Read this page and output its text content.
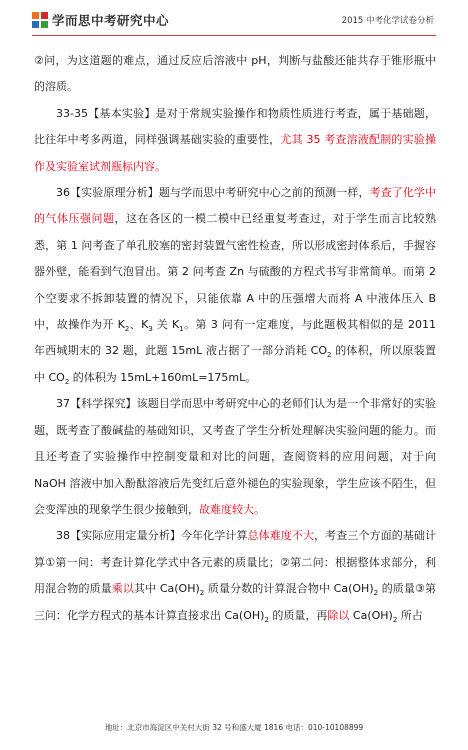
学而思中考研究中心	2015 中考化学试卷分析

②问，为这道题的难点，通过反应后溶液中 pH，判断与盐酸还能共存于锥形瓶中的溶质。

33-35【基本实验】是对于常规实验操作和物质性质进行考查，属于基础题，比往年中考多两道，同样强调基础实验的重要性，尤其 35 考查溶液配制的实验操作及实验室试剂瓶标内容。

36【实验原理分析】题与学而思中考研究中心之前的预测一样，考查了化学中的气体压强问题，这在各区的一模二模中已经重复考查过，对于学生而言比较熟悉，第 1 问考查了单孔胶塞的密封装置气密性检查，所以形成密封体系后，手握容器外壁，能看到气泡冒出。第 2 问考查 Zn 与硫酸的方程式书写非常简单。而第 2 个空要求不拆卸装置的情况下，只能依靠 A 中的压强增大而将 A 中液体压入 B 中，故操作为开 $K_2$、$K_3$ 关 $K_1$。第 3 问有一定难度，与此题极其相似的是 2011 年西城期末的 32 题，此题 15mL 液占据了一部分消耗 $CO_2$ 的体积，所以原装置中 $CO_2$ 的体积为 15mL+160mL=175mL。

37【科学探究】该题目学而思中考研究中心的老师们认为是一个非常好的实验题，既考查了酸碱盐的基础知识，又考查了学生分析处理解决实验问题的能力。而且还考查了实验操作中控制变量和对比的问题，查阅资料的应用问题，对于向 NaOH 溶液中加入酚酞溶液后先变红后意外褪色的实验现象，学生应该不陌生，但会变浑浊的现象学生很少接触到，故难度较大。

38【实际应用定量分析】今年化学计算总体难度不大，考查三个方面的基础计算①第一问：考查计算化学式中各元素的质量比；②第二问：根据整体求部分，利用混合物的质量乘以其中 $Ca(OH)_2$ 质量分数的计算混合物中 $Ca(OH)_2$ 的质量③第三问：化学方程式的基本计算直接求出 $Ca(OH)_2$ 的质量，再除以 $Ca(OH)_2$ 所占

地址：北京市海淀区中关村大街 32 号和盛大厦 1816 电话：010-10108899
